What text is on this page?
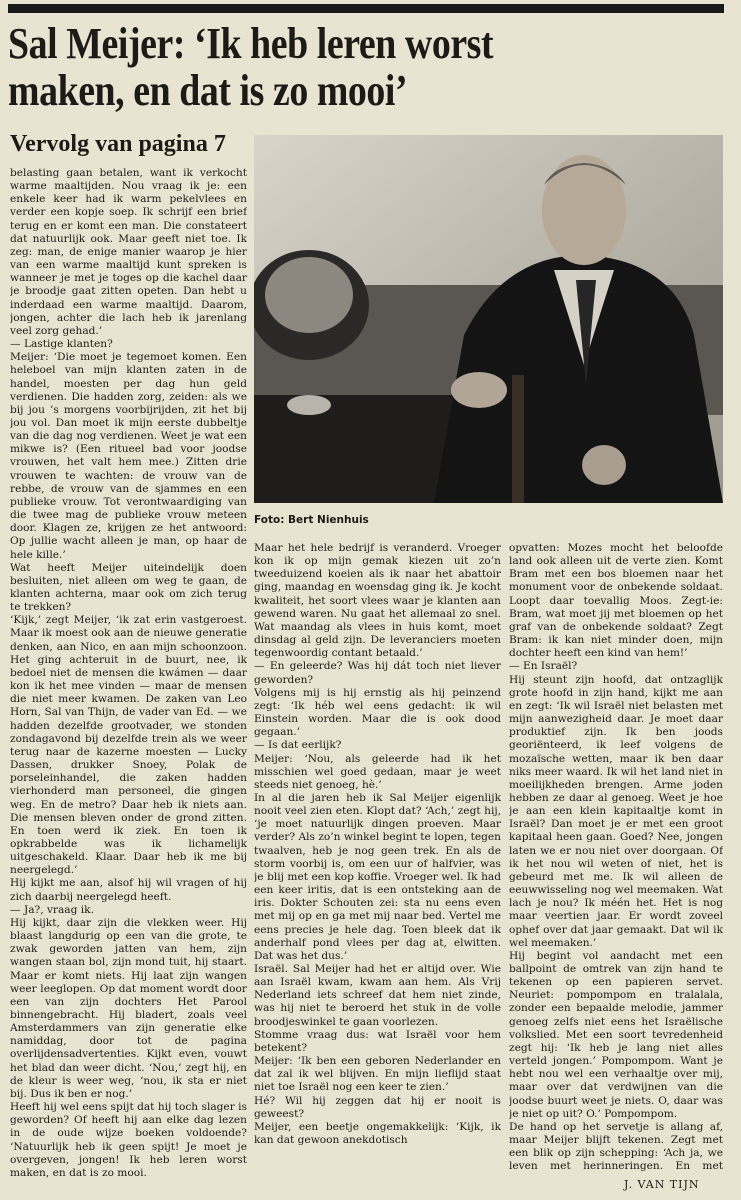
Sal Meijer: ‘Ik heb leren worst
maken, en dat is zo mooi’
Vervolg van pagina 7
Foto: Bert Nienhuis

belasting gaan betalen, want ik verkocht warme maaltijden. Nou vraag ik je: een enkele keer had ik warm pekelvlees en verder een kopje soep. Ik schrijf een brief terug en er komt een man. Die constateert dat natuurlijk ook. Maar geeft niet toe. Ik zeg: man, de enige manier waarop je hier van een warme maaltijd kunt spreken is wanneer je met je toges op die kachel daar je broodje gaat zitten opeten. Dan hebt u inderdaad een warme maaltijd. Daarom, jongen, achter die lach heb ik jarenlang veel zorg gehad.’

— Lastige klanten?

Meijer: ‘Die moet je tegemoet komen. Een heleboel van mijn klanten zaten in de handel, moesten per dag hun geld verdienen. Die hadden zorg, zeiden: als we bij jou ’s morgens voorbijrijden, zit het bij jou vol. Dan moet ik mijn eerste dubbeltje van die dag nog verdienen. Weet je wat een mikwe is? (Een ritueel bad voor joodse vrouwen, het valt hem mee.) Zitten drie vrouwen te wachten: de vrouw van de rebbe, de vrouw van de sjammes en een publieke vrouw. Tot verontwaardiging van die twee mag de publieke vrouw meteen door. Klagen ze, krijgen ze het antwoord: Op jullie wacht alleen je man, op haar de hele kille.’

Wat heeft Meijer uiteindelijk doen besluiten, niet alleen om weg te gaan, de klanten achterna, maar ook om zich terug te trekken?

‘Kijk,’ zegt Meijer, ‘ik zat erin vastgeroest. Maar ik moest ook aan de nieuwe generatie denken, aan Nico, en aan mijn schoonzoon. Het ging achteruit in de buurt, nee, ik bedoel niet de mensen die kwámen — daar kon ik het mee vinden — maar de mensen die niet meer kwamen. De zaken van Leo Horn, Sal van Thijn, de vader van Ed. — we hadden dezelfde grootvader, we stonden zondagavond bij dezelfde trein als we weer terug naar de kazerne moesten — Lucky Dassen, drukker Snoey, Polak de porseleinhandel, die zaken hadden vierhonderd man personeel, die gingen weg. En de metro? Daar heb ik niets aan. Die mensen bleven onder de grond zitten. En toen werd ik ziek. En toen ik opkrabbelde was ik lichamelijk uitgeschakeld. Klaar. Daar heb ik me bij neergelegd.’

Hij kijkt me aan, alsof hij wil vragen of hij zich daarbij neergelegd heeft.

— Ja?, vraag ik.

Hij kijkt, daar zijn die vlekken weer. Hij blaast langdurig op een van die grote, te zwak geworden jatten van hem, zijn wangen staan bol, zijn mond tuit, hij staart. Maar er komt niets. Hij laat zijn wangen weer leeglopen. Op dat moment wordt door een van zijn dochters Het Parool binnengebracht. Hij bladert, zoals veel Amsterdammers van zijn generatie elke namiddag, door tot de pagina overlijdensadvertenties. Kijkt even, vouwt het blad dan weer dicht. ‘Nou,’ zegt hij, en de kleur is weer weg, ‘nou, ik sta er niet bij. Dus ik ben er nog.’

Heeft hij wel eens spijt dat hij toch slager is geworden? Of heeft hij aan elke dag lezen in de oude wijze boeken voldoende? ‘Natuurlijk heb ik geen spijt! Je moet je overgeven, jongen! Ik heb leren worst maken, en dat is zo mooi.

Maar het hele bedrijf is veranderd. Vroeger kon ik op mijn gemak kiezen uit zo’n tweeduizend koeien als ik naar het abattoir ging, maandag en woensdag ging ik. Je kocht kwaliteit, het soort vlees waar je klanten aan gewend waren. Nu gaat het allemaal zo snel. Wat maandag als vlees in huis komt, moet dinsdag al geld zijn. De leveranciers moeten tegenwoordig contant betaald.’

— En geleerde? Was hij dát toch niet liever geworden?

Volgens mij is hij ernstig als hij peinzend zegt: ‘Ik héb wel eens gedacht: ik wil Einstein worden. Maar die is ook dood gegaan.’

— Is dat eerlijk?

Meijer: ‘Nou, als geleerde had ik het misschien wel goed gedaan, maar je weet steeds niet genoeg, hè.’

In al die jaren heb ik Sal Meijer eigenlijk nooit veel zien eten. Klopt dat? ‘Ach,’ zegt hij, ‘je moet natuurlijk dingen proeven. Maar verder? Als zo’n winkel begint te lopen, tegen twaalven, heb je nog geen trek. En als de storm voorbij is, om een uur of halfvier, was je blij met een kop koffie. Vroeger wel. Ik had een keer iritis, dat is een ontsteking aan de iris. Dokter Schouten zei: sta nu eens even met mij op en ga met mij naar bed. Vertel me eens precies je hele dag. Toen bleek dat ik anderhalf pond vlees per dag at, elwitten. Dat was het dus.’

Israël. Sal Meijer had het er altijd over. Wie aan Israël kwam, kwam aan hem. Als Vrij Nederland iets schreef dat hem niet zinde, was hij niet te beroerd het stuk in de volle broodjeswinkel te gaan voorlezen.

Stomme vraag dus: wat Israël voor hem betekent?

Meijer: ‘Ik ben een geboren Nederlander en dat zal ik wel blijven. En mijn lieflijd staat niet toe Israël nog een keer te zien.’

Hé? Wil hij zeggen dat hij er nooit is geweest?

Meijer, een beetje ongemakkelijk: ‘Kijk, ik kan dat gewoon anekdotisch

opvatten: Mozes mocht het beloofde land ook alleen uit de verte zien. Komt Bram met een bos bloemen naar het monument voor de onbekende soldaat. Loopt daar toevallig Moos. Zegt-ie: Bram, wat moet jij met bloemen op het graf van de onbekende soldaat? Zegt Bram: ik kan niet minder doen, mijn dochter heeft een kind van hem!’

— En Israël?

Hij steunt zijn hoofd, dat ontzaglijk grote hoofd in zijn hand, kijkt me aan en zegt: ‘Ik wil Israël niet belasten met mijn aanwezigheid daar. Je moet daar produktief zijn. Ik ben joods georiënteerd, ik leef volgens de mozaïsche wetten, maar ik ben daar niks meer waard. Ik wil het land niet in moeilijkheden brengen. Arme joden hebben ze daar al genoeg. Weet je hoe je aan een klein kapitaaltje komt in Israël? Dan moet je er met een groot kapitaal heen gaan. Goed? Nee, jongen laten we er nou niet over doorgaan. Of ik het nou wil weten of niet, het is gebeurd met me. Ik wil alleen de eeuwwisseling nog wel meemaken. Wat lach je nou? Ik méén het. Het is nog maar veertien jaar. Er wordt zoveel ophef over dat jaar gemaakt. Dat wil ik wel meemaken.’

Hij begint vol aandacht met een ballpoint de omtrek van zijn hand te tekenen op een papieren servet. Neuriet: pompompom en tralalala, zonder een bepaalde melodie, jammer genoeg zelfs niet eens het Israëlische volkslied. Met een soort tevredenheid zegt hij: ‘Ik heb je lang niet alles verteld jongen.’ Pompompom. Want je hebt nou wel een verhaaltje over mij, maar over dat verdwijnen van die joodse buurt weet je niets. O, daar was je niet op uit? O.’ Pompompom.

De hand op het servetje is allang af, maar Meijer blijft tekenen. Zegt met een blik op zijn schepping: ‘Ach ja, we leven met herinneringen. En met

J. VAN TIJN
